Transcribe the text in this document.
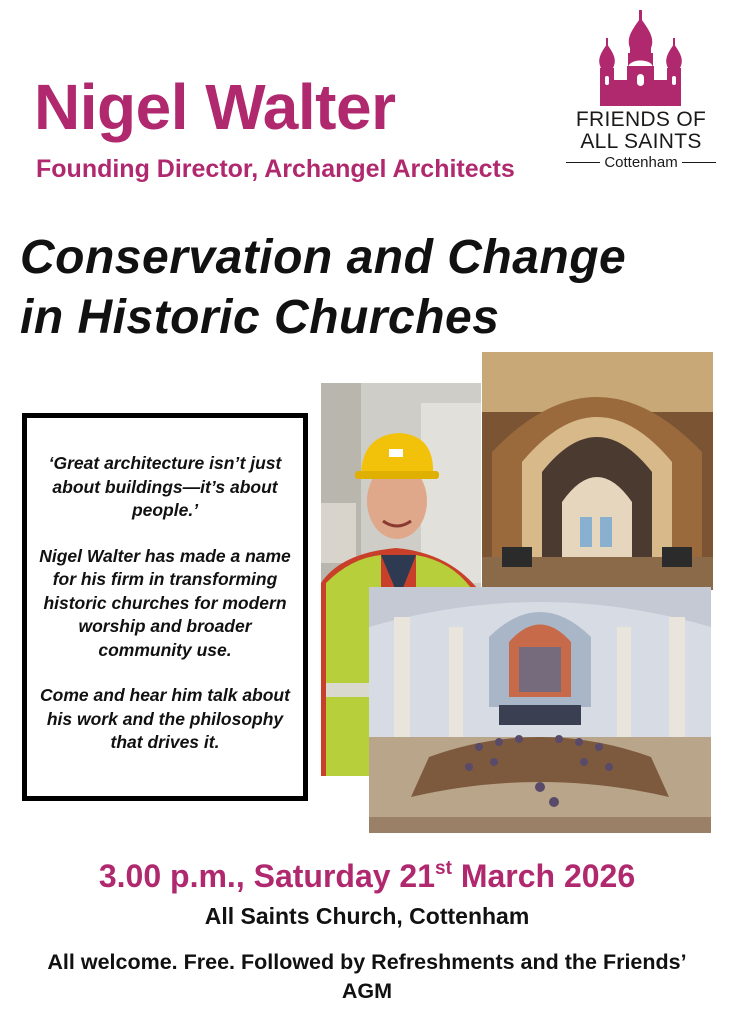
Nigel Walter
Founding Director, Archangel Architects
FRIENDS OF
ALL SAINTS
Cottenham
Conservation and Change
in Historic Churches

‘Great architecture isn’t just about buildings—it’s about people.’

Nigel Walter has made a name for his firm in transforming historic churches for modern worship and broader community use.

Come and hear him talk about his work and the philosophy that drives it.

3.00 p.m., Saturday 21st March 2026
All Saints Church, Cottenham
All welcome. Free. Followed by Refreshments and the Friends’ AGM
